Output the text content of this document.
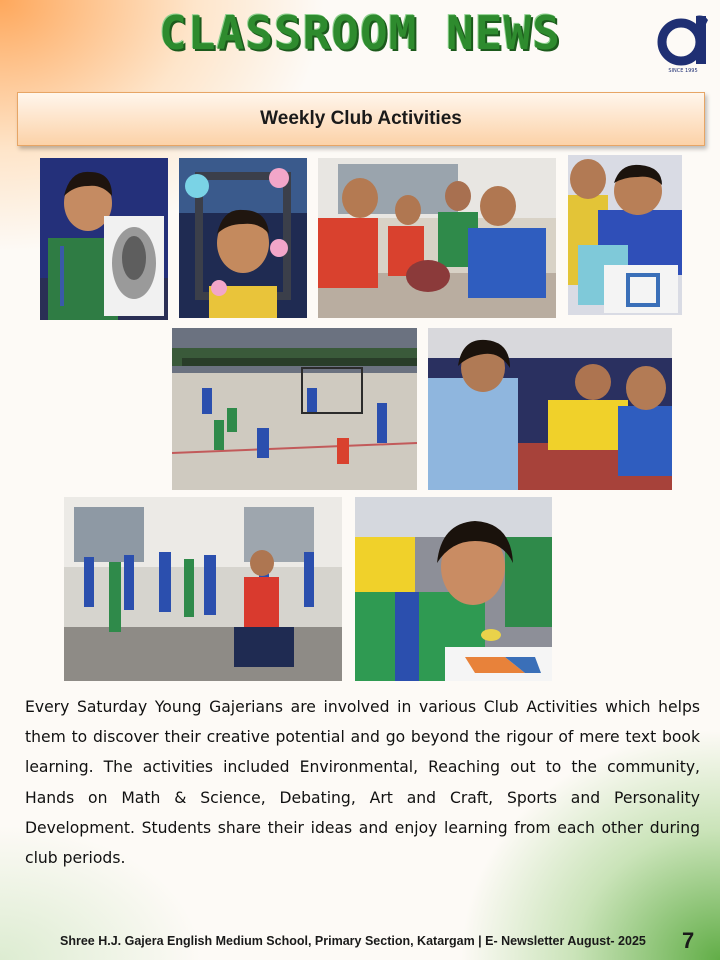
CLASSROOM NEWS
SINCE 1995
Weekly Club Activities
Every Saturday Young Gajerians are involved in various Club Activities which helps them to discover their creative potential and go beyond the rigour of mere text book learning. The activities included Environmental, Reaching out to the community, Hands on Math & Science, Debating, Art and Craft, Sports and Personality Development. Students share their ideas and enjoy learning from each other during club periods.
Shree H.J. Gajera English Medium School, Primary Section, Katargam | E- Newsletter August- 2025 7
